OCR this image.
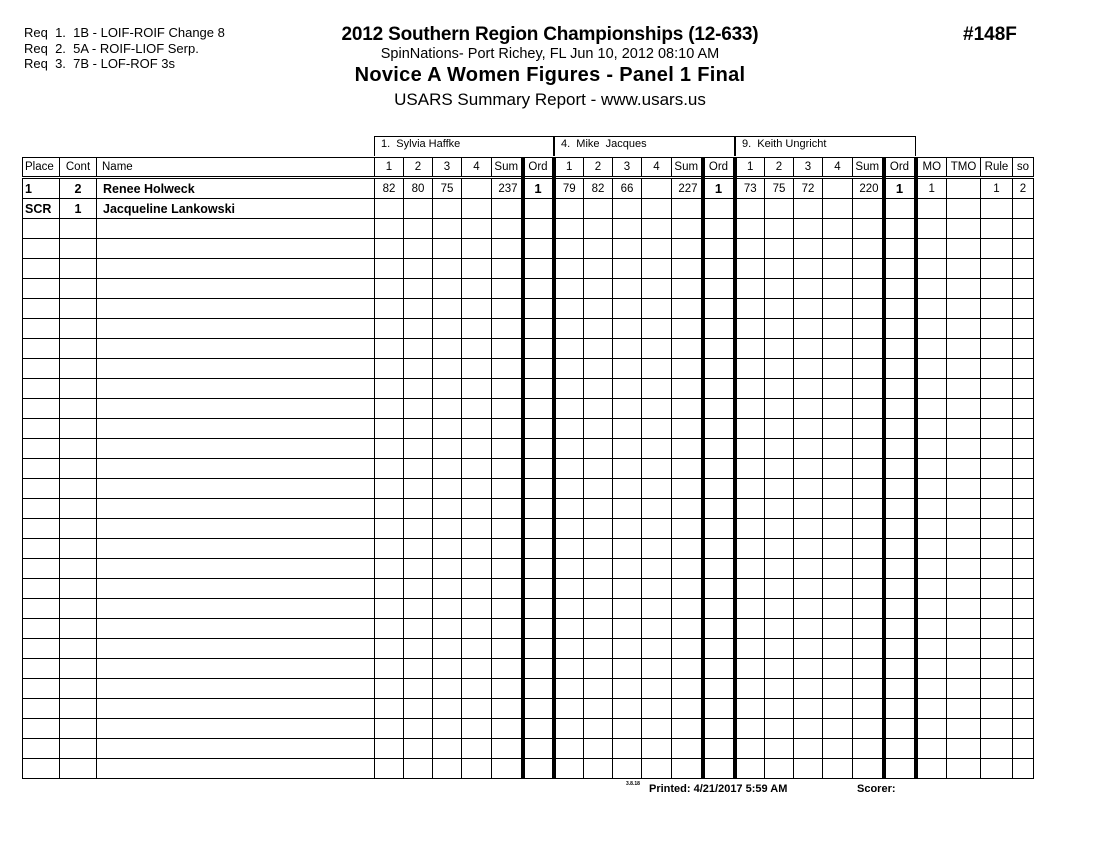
Req  1.  1B - LOIF-ROIF Change 8
Req  2.  5A - ROIF-LIOF Serp.
Req  3.  7B - LOF-ROF 3s
2012 Southern Region Championships (12-633)
SpinNations- Port Richey, FL Jun 10, 2012 08:10 AM
Novice A Women Figures - Panel 1 Final
USARS Summary Report - www.usars.us
#148F
1.  Sylvia Haffke	4.  Mike  Jacques	9.  Keith Ungricht
Place	Cont	Name	1	2	3	4	Sum	Ord	1	2	3	4	Sum	Ord	1	2	3	4	Sum	Ord	MO	TMO	Rule	so
1	2	Renee Holweck	82	80	75		237	1	79	82	66		227	1	73	75	72		220	1	1		1	2
SCR	1	Jacqueline Lankowski																						

3.8.18 Printed: 4/21/2017 5:59 AM	Scorer:
